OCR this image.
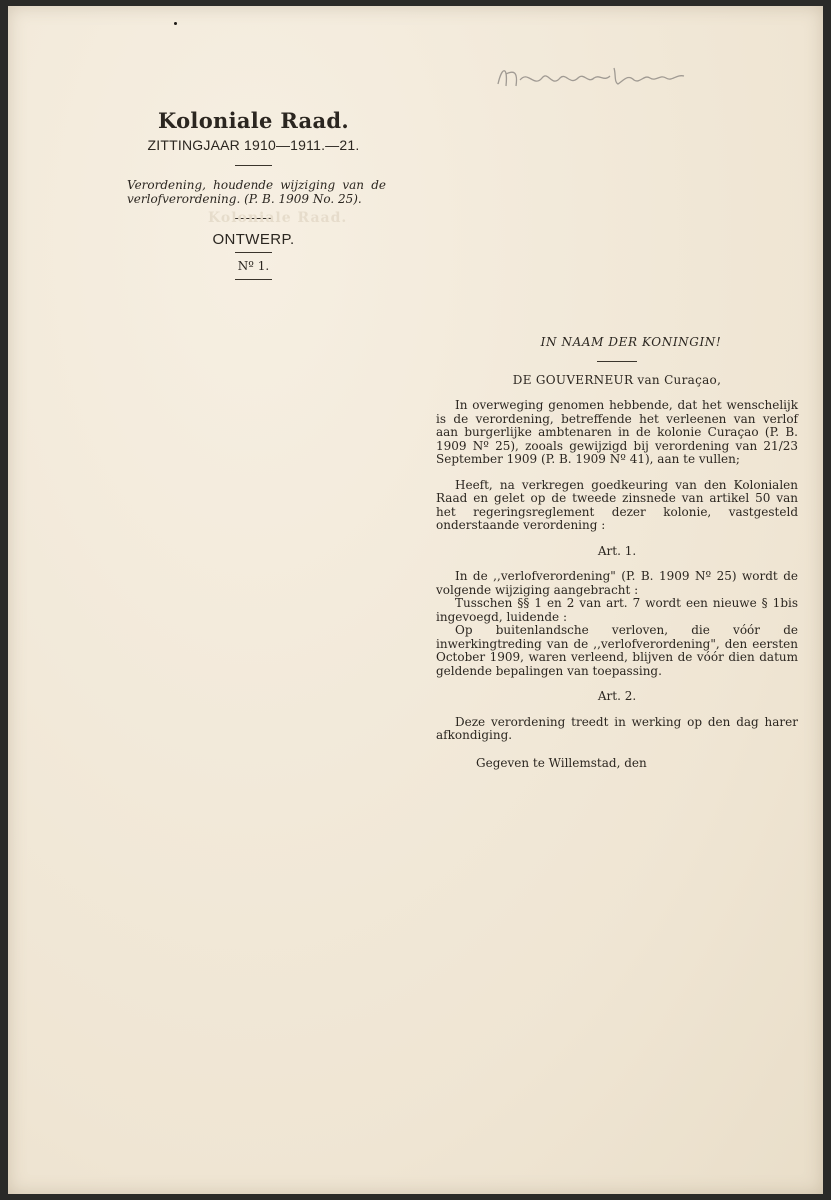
Koloniale Raad.
ZITTINGJAAR 1910—1911.—21.
Verordening, houdende wijziging van de verlofverordening. (P. B. 1909 No. 25).
ONTWERP.
Nº 1.
Koloniale Raad.
IN NAAM DER KONINGIN!
DE GOUVERNEUR van Curaçao,

In overweging genomen hebbende, dat het wenschelijk is de verordening, betreffende het verleenen van verlof aan burgerlijke ambtenaren in de kolonie Curaçao (P. B. 1909 Nº 25), zooals gewijzigd bij verordening van 21/23 September 1909 (P. B. 1909 Nº 41), aan te vullen;

Heeft, na verkregen goedkeuring van den Kolonialen Raad en gelet op de tweede zinsnede van artikel 50 van het regeringsreglement dezer kolonie, vastgesteld onderstaande verordening :

Art. 1.

In de ,,verlofverordening" (P. B. 1909 Nº 25) wordt de volgende wijziging aangebracht :

Tusschen §§ 1 en 2 van art. 7 wordt een nieuwe § 1bis ingevoegd, luidende :

Op buitenlandsche verloven, die vóór de inwerkingtreding van de ,,verlofverordening", den eersten October 1909, waren verleend, blijven de vóór dien datum geldende bepalingen van toepassing.

Art. 2.

Deze verordening treedt in werking op den dag harer afkondiging.

Gegeven te Willemstad, den
